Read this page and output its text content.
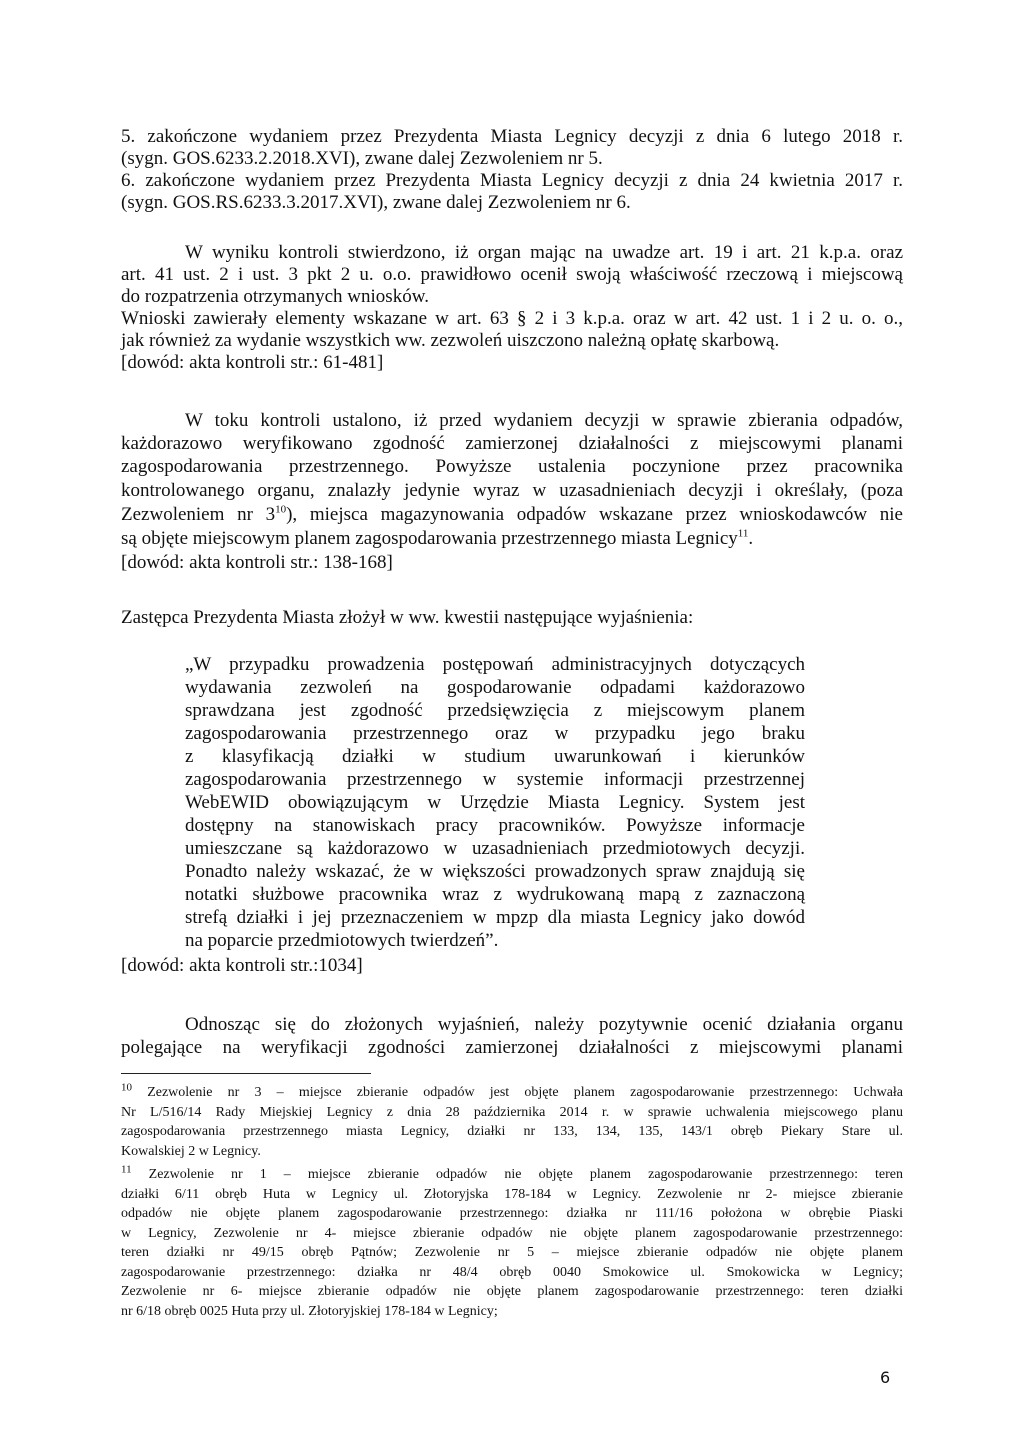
5. zakończone wydaniem przez Prezydenta Miasta Legnicy decyzji z dnia 6 lutego 2018 r.
(sygn. GOS.6233.2.2018.XVI), zwane dalej Zezwoleniem nr 5.
6. zakończone wydaniem przez Prezydenta Miasta Legnicy decyzji z dnia 24 kwietnia 2017 r.
(sygn. GOS.RS.6233.3.2017.XVI), zwane dalej Zezwoleniem nr 6.
W wyniku kontroli stwierdzono, iż organ mając na uwadze art. 19 i art. 21 k.p.a. oraz
art. 41 ust. 2 i ust. 3 pkt 2 u. o.o. prawidłowo ocenił swoją właściwość rzeczową i miejscową
do rozpatrzenia otrzymanych wniosków.
Wnioski zawierały elementy wskazane w art. 63 § 2 i 3 k.p.a. oraz w art. 42 ust. 1 i 2 u. o. o.,
jak również za wydanie wszystkich ww. zezwoleń uiszczono należną opłatę skarbową.
[dowód: akta kontroli str.: 61-481]
W toku kontroli ustalono, iż przed wydaniem decyzji w sprawie zbierania odpadów,
każdorazowo weryfikowano zgodność zamierzonej działalności z miejscowymi planami
zagospodarowania przestrzennego. Powyższe ustalenia poczynione przez pracownika
kontrolowanego organu, znalazły jedynie wyraz w uzasadnieniach decyzji i określały, (poza
Zezwoleniem nr $3^{10}$), miejsca magazynowania odpadów wskazane przez wnioskodawców nie
są objęte miejscowym planem zagospodarowania przestrzennego miasta Legnicy$^{11}$.
[dowód: akta kontroli str.: 138-168]
Zastępca Prezydenta Miasta złożył w ww. kwestii następujące wyjaśnienia:
„W przypadku prowadzenia postępowań administracyjnych dotyczących
wydawania zezwoleń na gospodarowanie odpadami każdorazowo
sprawdzana jest zgodność przedsięwzięcia z miejscowym planem
zagospodarowania przestrzennego oraz w przypadku jego braku
z klasyfikacją działki w studium uwarunkowań i kierunków
zagospodarowania przestrzennego w systemie informacji przestrzennej
WebEWID obowiązującym w Urzędzie Miasta Legnicy. System jest
dostępny na stanowiskach pracy pracowników. Powyższe informacje
umieszczane są każdorazowo w uzasadnieniach przedmiotowych decyzji.
Ponadto należy wskazać, że w większości prowadzonych spraw znajdują się
notatki służbowe pracownika wraz z wydrukowaną mapą z zaznaczoną
strefą działki i jej przeznaczeniem w mpzp dla miasta Legnicy jako dowód
na poparcie przedmiotowych twierdzeń”.
[dowód: akta kontroli str.:1034]
Odnosząc się do złożonych wyjaśnień, należy pozytywnie ocenić działania organu
polegające na weryfikacji zgodności zamierzonej działalności z miejscowymi planami
$^{10}$ Zezwolenie nr 3 – miejsce zbieranie odpadów jest objęte planem zagospodarowanie przestrzennego: Uchwała
Nr L/516/14 Rady Miejskiej Legnicy z dnia 28 października 2014 r. w sprawie uchwalenia miejscowego planu
zagospodarowania przestrzennego miasta Legnicy, działki nr 133, 134, 135, 143/1 obręb Piekary Stare ul.
Kowalskiej 2 w Legnicy.
$^{11}$ Zezwolenie nr 1 – miejsce zbieranie odpadów nie objęte planem zagospodarowanie przestrzennego: teren
działki 6/11 obręb Huta w Legnicy ul. Złotoryjska 178-184 w Legnicy. Zezwolenie nr 2- miejsce zbieranie
odpadów nie objęte planem zagospodarowanie przestrzennego: działka nr 111/16 położona w obrębie Piaski
w Legnicy, Zezwolenie nr 4- miejsce zbieranie odpadów nie objęte planem zagospodarowanie przestrzennego:
teren działki nr 49/15 obręb Pątnów; Zezwolenie nr 5 – miejsce zbieranie odpadów nie objęte planem
zagospodarowanie przestrzennego: działka nr 48/4 obręb 0040 Smokowice ul. Smokowicka w Legnicy;
Zezwolenie nr 6- miejsce zbieranie odpadów nie objęte planem zagospodarowanie przestrzennego: teren działki
nr 6/18 obręb 0025 Huta przy ul. Złotoryjskiej 178-184 w Legnicy;
6
